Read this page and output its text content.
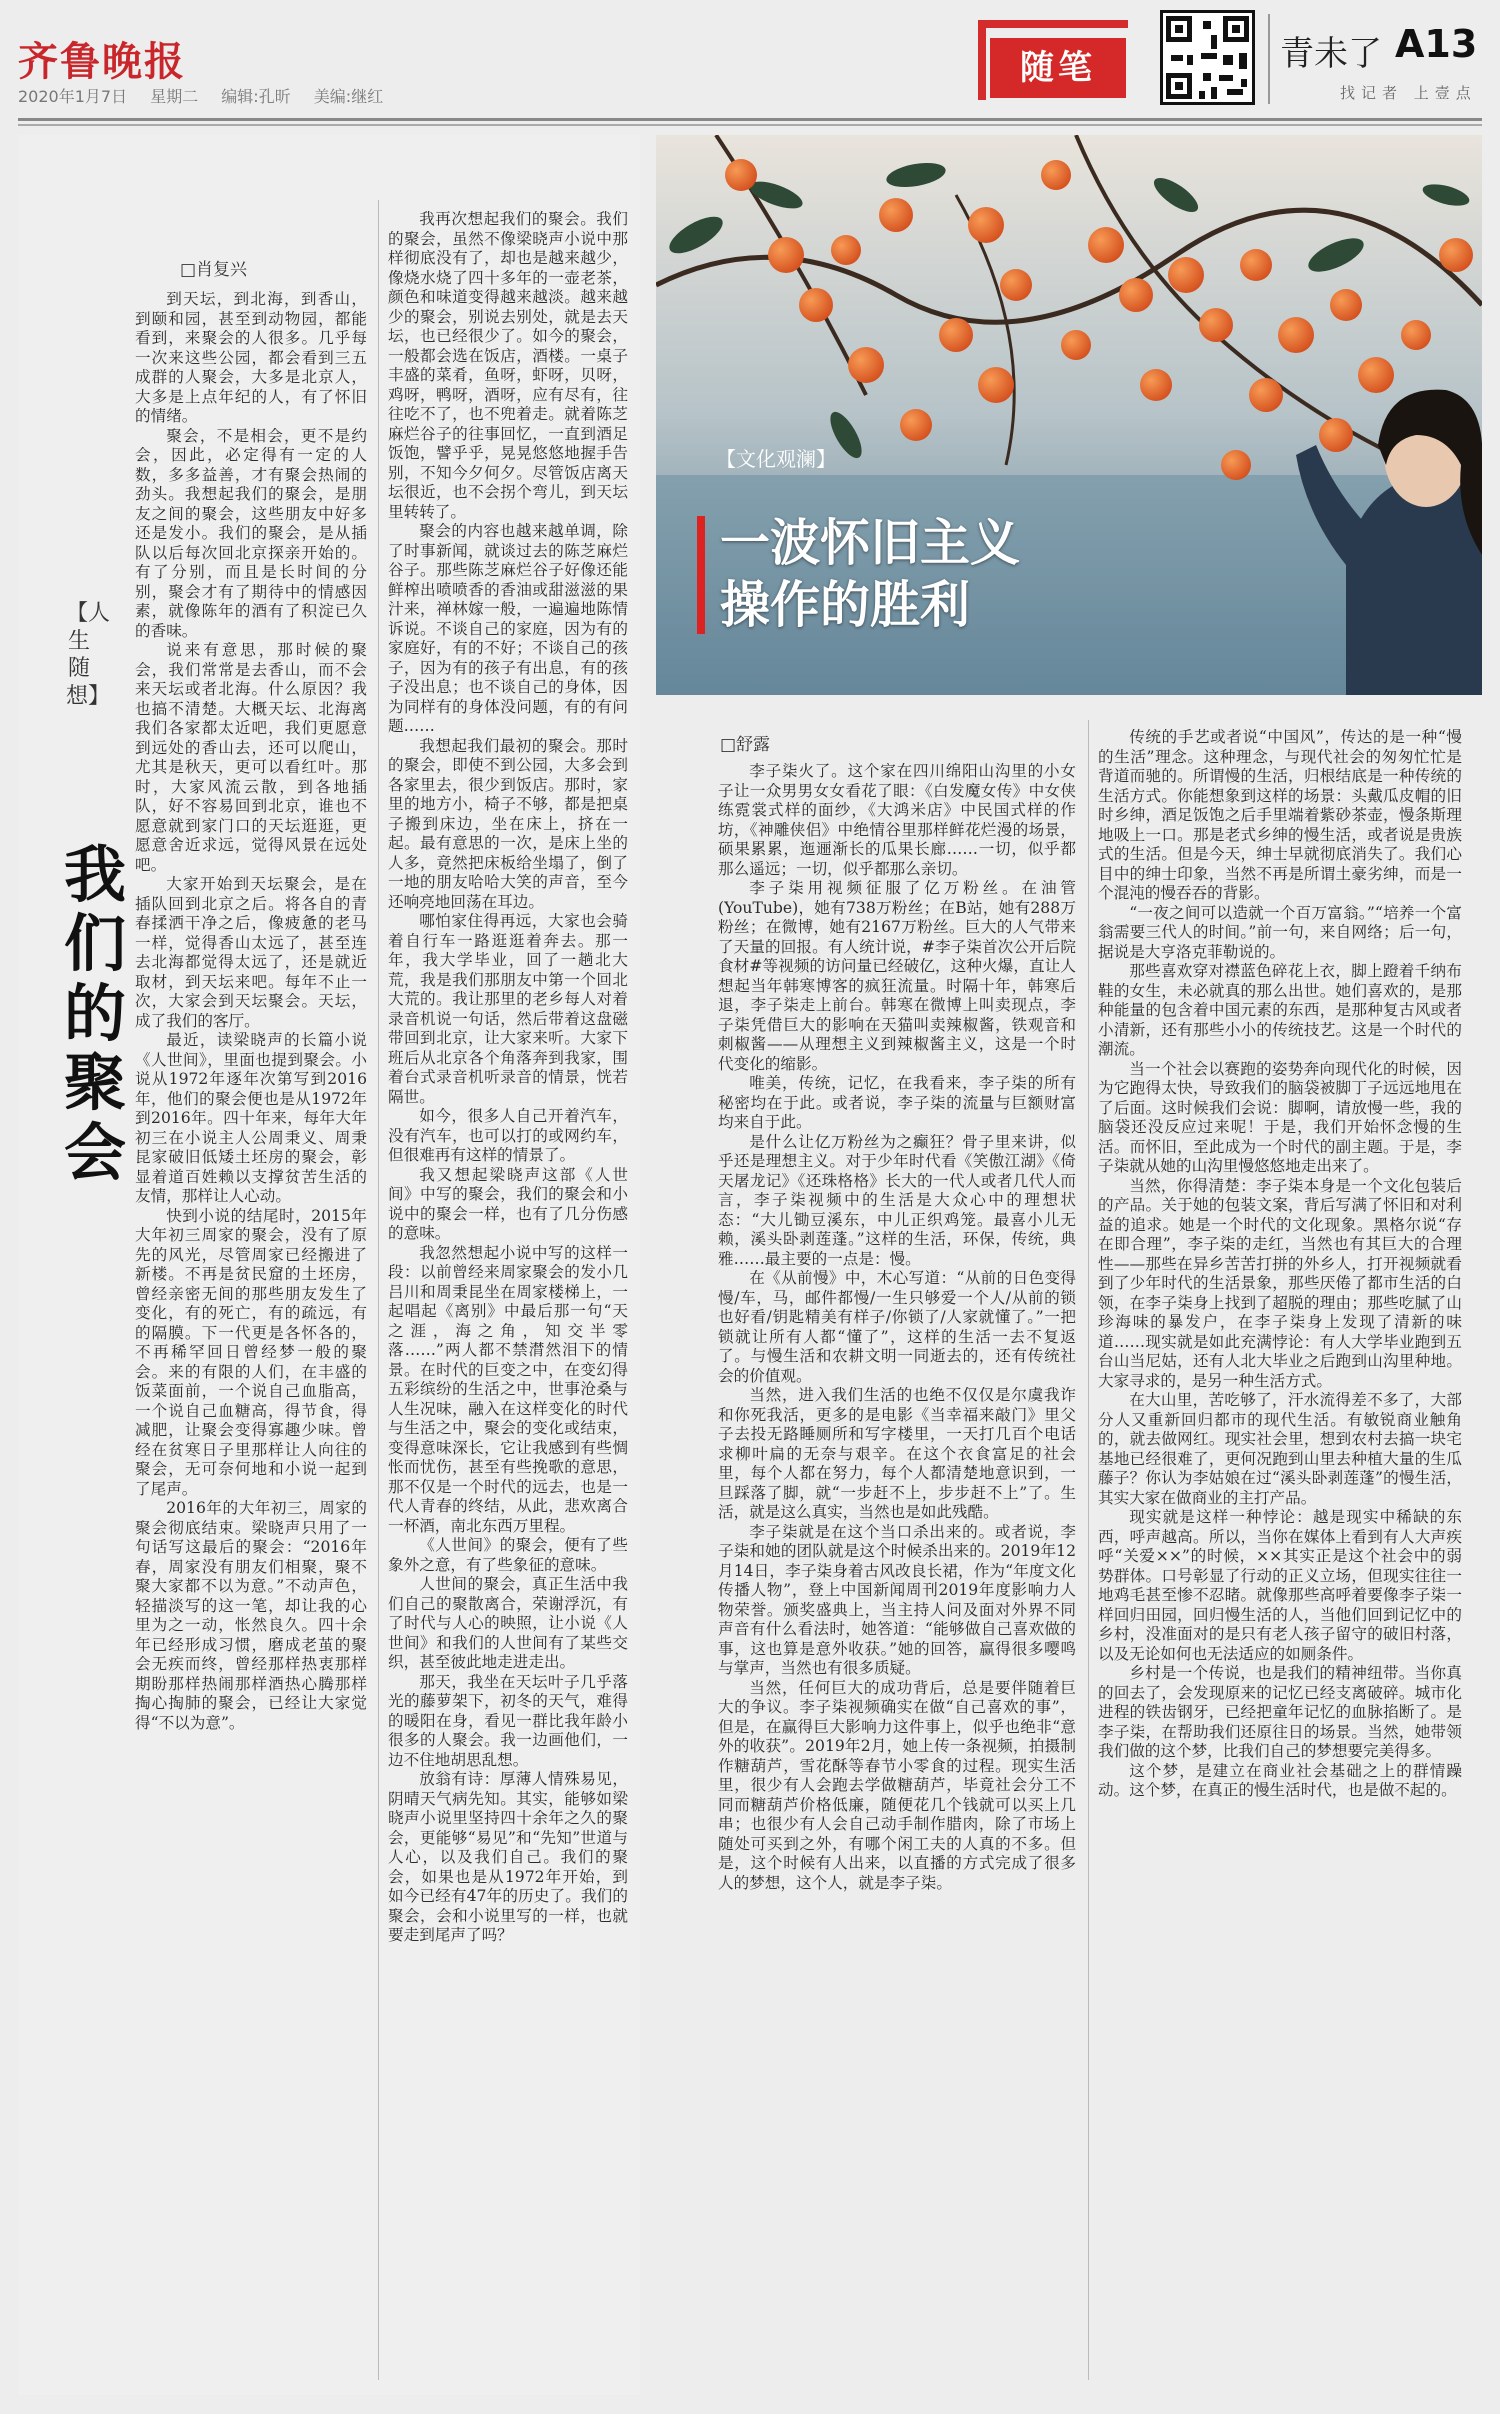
齐鲁晚报
2020年1月7日 星期二 编辑:孔昕 美编:继红
随笔	青未了 A13
找记者 上壹点
□肖复兴
【人生随想】
我们的聚会

到天坛，到北海，到香山，到颐和园，甚至到动物园，都能看到，来聚会的人很多。几乎每一次来这些公园，都会看到三五成群的人聚会，大多是北京人，大多是上点年纪的人，有了怀旧的情绪。

聚会，不是相会，更不是约会，因此，必定得有一定的人数，多多益善，才有聚会热闹的劲头。我想起我们的聚会，是朋友之间的聚会，这些朋友中好多还是发小。我们的聚会，是从插队以后每次回北京探亲开始的。有了分别，而且是长时间的分别，聚会才有了期待中的情感因素，就像陈年的酒有了积淀已久的香味。

说来有意思，那时候的聚会，我们常常是去香山，而不会来天坛或者北海。什么原因？我也搞不清楚。大概天坛、北海离我们各家都太近吧，我们更愿意到远处的香山去，还可以爬山，尤其是秋天，更可以看红叶。那时，大家风流云散，到各地插队，好不容易回到北京，谁也不愿意就到家门口的天坛逛逛，更愿意舍近求远，觉得风景在远处吧。

大家开始到天坛聚会，是在插队回到北京之后。将各自的青春揉洒干净之后，像疲惫的老马一样，觉得香山太远了，甚至连去北海都觉得太远了，还是就近取材，到天坛来吧。每年不止一次，大家会到天坛聚会。天坛，成了我们的客厅。

最近，读梁晓声的长篇小说《人世间》，里面也提到聚会。小说从1972年逐年次第写到2016年，他们的聚会便也是从1972年到2016年。四十年来，每年大年初三在小说主人公周秉义、周秉昆家破旧低矮土坯房的聚会，彰显着道百姓赖以支撑贫苦生活的友情，那样让人心动。

快到小说的结尾时，2015年大年初三周家的聚会，没有了原先的风光，尽管周家已经搬进了新楼。不再是贫民窟的土坯房，曾经亲密无间的那些朋友发生了变化，有的死亡，有的疏远，有的隔膜。下一代更是各怀各的，不再稀罕回日曾经梦一般的聚会。来的有限的人们，在丰盛的饭菜面前，一个说自己血脂高，一个说自己血糖高，得节食，得减肥，让聚会变得寡趣少味。曾经在贫寒日子里那样让人向往的聚会，无可奈何地和小说一起到了尾声。

2016年的大年初三，周家的聚会彻底结束。梁晓声只用了一句话写这最后的聚会：“2016年春，周家没有朋友们相聚，聚不聚大家都不以为意。”不动声色，轻描淡写的这一笔，却让我的心里为之一动，怅然良久。四十余年已经形成习惯，磨成老茧的聚会无疾而终，曾经那样热衷那样期盼那样热闹那样酒热心腾那样掏心掏肺的聚会，已经让大家觉得“不以为意”。

我再次想起我们的聚会。我们的聚会，虽然不像梁晓声小说中那样彻底没有了，却也是越来越少，像烧水烧了四十多年的一壶老茶，颜色和味道变得越来越淡。越来越少的聚会，别说去别处，就是去天坛，也已经很少了。如今的聚会，一般都会选在饭店，酒楼。一桌子丰盛的菜肴，鱼呀，虾呀，贝呀，鸡呀，鸭呀，酒呀，应有尽有，往往吃不了，也不兜着走。就着陈芝麻烂谷子的往事回忆，一直到酒足饭饱，譬乎乎，晃晃悠悠地握手告别，不知今夕何夕。尽管饭店离天坛很近，也不会拐个弯儿，到天坛里转转了。

聚会的内容也越来越单调，除了时事新闻，就谈过去的陈芝麻烂谷子。那些陈芝麻烂谷子好像还能鲜榨出喷喷香的香油或甜滋滋的果汁来，禅林嫁一般，一遍遍地陈情诉说。不谈自己的家庭，因为有的家庭好，有的不好；不谈自己的孩子，因为有的孩子有出息，有的孩子没出息；也不谈自己的身体，因为同样有的身体没问题，有的有问题……

我想起我们最初的聚会。那时的聚会，即使不到公园，大多会到各家里去，很少到饭店。那时，家里的地方小，椅子不够，都是把桌子搬到床边，坐在床上，挤在一起。最有意思的一次，是床上坐的人多，竟然把床板给坐塌了，倒了一地的朋友哈哈大笑的声音，至今还响亮地回荡在耳边。

哪怕家住得再远，大家也会骑着自行车一路逛逛着奔去。那一年，我大学毕业，回了一趟北大荒，我是我们那朋友中第一个回北大荒的。我让那里的老乡每人对着录音机说一句话，然后带着这盘磁带回到北京，让大家来听。大家下班后从北京各个角落奔到我家，围着台式录音机听录音的情景，恍若隔世。

如今，很多人自己开着汽车，没有汽车，也可以打的或网约车，但很难再有这样的情景了。

我又想起梁晓声这部《人世间》中写的聚会，我们的聚会和小说中的聚会一样，也有了几分伤感的意味。

我忽然想起小说中写的这样一段：以前曾经来周家聚会的发小几吕川和周秉昆坐在周家楼梯上，一起唱起《离别》中最后那一句“天之涯，海之角，知交半零落……”两人都不禁潸然泪下的情景。在时代的巨变之中，在变幻得五彩缤纷的生活之中，世事沧桑与人生况味，融入在这样变化的时代与生活之中，聚会的变化或结束，变得意味深长，它让我感到有些惆怅而忧伤，甚至有些挽歌的意思，那不仅是一个时代的远去，也是一代人青春的终结，从此，悲欢离合一杯酒，南北东西万里程。

《人世间》的聚会，便有了些象外之意，有了些象征的意味。

人世间的聚会，真正生活中我们自己的聚散离合，荣谢浮沉，有了时代与人心的映照，让小说《人世间》和我们的人世间有了某些交织，甚至彼此地走进走出。

那天，我坐在天坛叶子几乎落光的藤萝架下，初冬的天气，难得的暖阳在身，看见一群比我年龄小很多的人聚会。我一边画他们，一边不住地胡思乱想。

放翁有诗：厚薄人情殊易见，阴晴天气病先知。其实，能够如梁晓声小说里坚持四十余年之久的聚会，更能够“易见”和“先知”世道与人心，以及我们自己。我们的聚会，如果也是从1972年开始，到如今已经有47年的历史了。我们的聚会，会和小说里写的一样，也就要走到尾声了吗？

【文化观澜】
一波怀旧主义
操作的胜利
□舒露

李子柒火了。这个家在四川绵阳山沟里的小女子让一众男男女女看花了眼：《白发魔女传》中女侠练霓裳式样的面纱，《大鸿米店》中民国式样的作坊，《神雕侠侣》中绝情谷里那样鲜花烂漫的场景，硕果累累，迤逦渐长的瓜果长廊……一切，似乎都那么遥远；一切，似乎都那么亲切。

李子柒用视频征服了亿万粉丝。在油管(YouTube)，她有738万粉丝；在B站，她有288万粉丝；在微博，她有2167万粉丝。巨大的人气带来了天量的回报。有人统计说，#李子柒首次公开后院食材#等视频的访问量已经破亿，这种火爆，直让人想起当年韩寒博客的疯狂流量。时隔十年，韩寒后退，李子柒走上前台。韩寒在微博上叫卖现点，李子柒凭借巨大的影响在天猫叫卖辣椒酱，铁观音和刺椒酱——从理想主义到辣椒酱主义，这是一个时代变化的缩影。

唯美，传统，记忆，在我看来，李子柒的所有秘密均在于此。或者说，李子柒的流量与巨额财富均来自于此。

是什么让亿万粉丝为之癫狂？骨子里来讲，似乎还是理想主义。对于少年时代看《笑傲江湖》《倚天屠龙记》《还珠格格》长大的一代人或者几代人而言，李子柒视频中的生活是大众心中的理想状态：“大儿锄豆溪东，中儿正织鸡笼。最喜小儿无赖，溪头卧剥莲蓬。”这样的生活，环保，传统，典雅……最主要的一点是：慢。

在《从前慢》中，木心写道：“从前的日色变得慢/车，马，邮件都慢/一生只够爱一个人/从前的锁也好看/钥匙精美有样子/你锁了/人家就懂了。”一把锁就让所有人都“懂了”，这样的生活一去不复返了。与慢生活和农耕文明一同逝去的，还有传统社会的价值观。

当然，进入我们生活的也绝不仅仅是尔虞我诈和你死我活，更多的是电影《当幸福来敲门》里父子去投无路睡厕所和写字楼里，一天打几百个电话求柳叶扁的无奈与艰辛。在这个衣食富足的社会里，每个人都在努力，每个人都清楚地意识到，一旦踩落了脚，就“一步赶不上，步步赶不上”了。生活，就是这么真实，当然也是如此残酷。

李子柒就是在这个当口杀出来的。或者说，李子柒和她的团队就是这个时候杀出来的。2019年12月14日，李子柒身着古风改良长裙，作为“年度文化传播人物”，登上中国新闻周刊2019年度影响力人物荣誉。颁奖盛典上，当主持人问及面对外界不同声音有什么看法时，她答道：“能够做自己喜欢做的事，这也算是意外收获。”她的回答，赢得很多嘤鸣与掌声，当然也有很多质疑。

当然，任何巨大的成功背后，总是要伴随着巨大的争议。李子柒视频确实在做“自己喜欢的事”，但是，在赢得巨大影响力这件事上，似乎也绝非“意外的收获”。2019年2月，她上传一条视频，拍摄制作糖葫芦，雪花酥等春节小零食的过程。现实生活里，很少有人会跑去学做糖葫芦，毕竟社会分工不同而糖葫芦价格低廉，随便花几个钱就可以买上几串；也很少有人会自己动手制作腊肉，除了市场上随处可买到之外，有哪个闲工夫的人真的不多。但是，这个时候有人出来，以直播的方式完成了很多人的梦想，这个人，就是李子柒。

传统的手艺或者说“中国风”，传达的是一种“慢的生活”理念。这种理念，与现代社会的匆匆忙忙是背道而驰的。所谓慢的生活，归根结底是一种传统的生活方式。你能想象到这样的场景：头戴瓜皮帽的旧时乡绅，酒足饭饱之后手里端着紫砂茶壶，慢条斯理地吸上一口。那是老式乡绅的慢生活，或者说是贵族式的生活。但是今天，绅士早就彻底消失了。我们心目中的绅士印象，当然不再是所谓土豪劣绅，而是一个混沌的慢吞吞的背影。

“一夜之间可以造就一个百万富翁。”“培养一个富翁需要三代人的时间。”前一句，来自网络；后一句，据说是大亨洛克菲勒说的。

那些喜欢穿对襟蓝色碎花上衣，脚上蹬着千纳布鞋的女生，未必就真的那么出世。她们喜欢的，是那种能量的包含着中国元素的东西，是那种复古风或者小清新，还有那些小小的传统技艺。这是一个时代的潮流。

当一个社会以赛跑的姿势奔向现代化的时候，因为它跑得太快，导致我们的脑袋被脚丁子远远地甩在了后面。这时候我们会说：脚啊，请放慢一些，我的脑袋还没反应过来呢！于是，我们开始怀念慢的生活。而怀旧，至此成为一个时代的副主题。于是，李子柒就从她的山沟里慢悠悠地走出来了。

当然，你得清楚：李子柒本身是一个文化包装后的产品。关于她的包装文案，背后写满了怀旧和对利益的追求。她是一个时代的文化现象。黑格尔说“存在即合理”，李子柒的走红，当然也有其巨大的合理性——那些在异乡苦苦打拼的外乡人，打开视频就看到了少年时代的生活景象，那些厌倦了都市生活的白领，在李子柒身上找到了超脱的理由；那些吃腻了山珍海味的暴发户，在李子柒身上发现了清新的味道……现实就是如此充满悖论：有人大学毕业跑到五台山当尼姑，还有人北大毕业之后跑到山沟里种地。大家寻求的，是另一种生活方式。

在大山里，苦吃够了，汗水流得差不多了，大部分人又重新回归都市的现代生活。有敏锐商业触角的，就去做网红。现实社会里，想到农村去搞一块宅基地已经很难了，更何况跑到山里去种植大量的生瓜藤子？你认为李姑娘在过“溪头卧剥莲蓬”的慢生活，其实大家在做商业的主打产品。

现实就是这样一种悖论：越是现实中稀缺的东西，呼声越高。所以，当你在媒体上看到有人大声疾呼“关爱××”的时候，××其实正是这个社会中的弱势群体。口号彰显了行动的正义立场，但现实往往一地鸡毛甚至惨不忍睹。就像那些高呼着要像李子柒一样回归田园，回归慢生活的人，当他们回到记忆中的乡村，没准面对的是只有老人孩子留守的破旧村落，以及无论如何也无法适应的如厕条件。

乡村是一个传说，也是我们的精神纽带。当你真的回去了，会发现原来的记忆已经支离破碎。城市化进程的铁齿钢牙，已经把童年记忆的血脉掐断了。是李子柒，在帮助我们还原往日的场景。当然，她带领我们做的这个梦，比我们自己的梦想要完美得多。

这个梦，是建立在商业社会基础之上的群情躁动。这个梦，在真正的慢生活时代，也是做不起的。
